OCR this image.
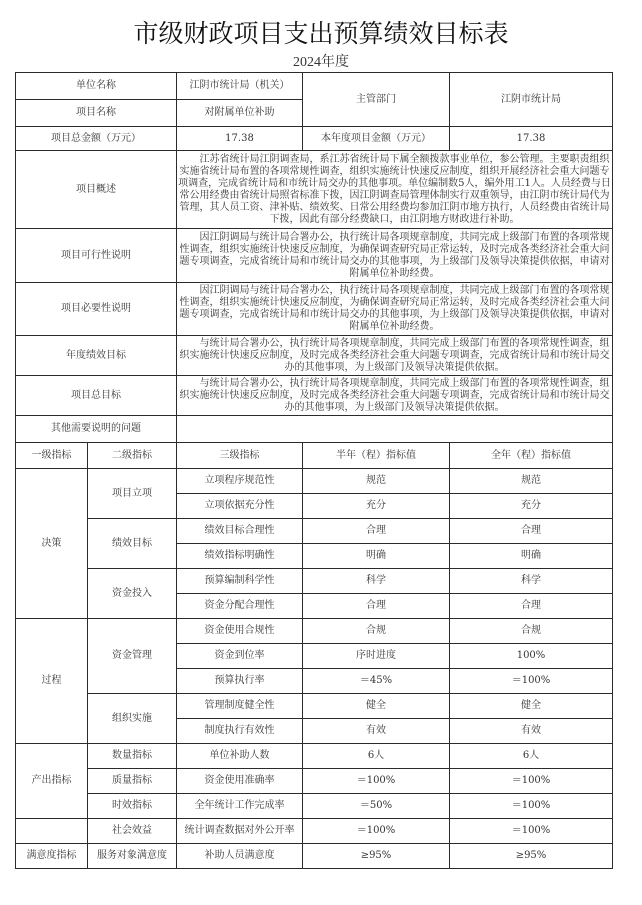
市级财政项目支出预算绩效目标表
2024年度
单位名称		江阴市统计局（机关）	主管部门	江阴市统计局
项目名称		对附属单位补助		
项目总金额（万元）		17.38	本年度项目金额（万元）	17.38
项目概述		江苏省统计局江阴调查局，系江苏省统计局下属全额拨款事业单位，参公管理。主要职责组织实施省统计局布置的各项常规性调查，组织实施统计快速反应制度，组织开展经济社会重大问题专项调查，完成省统计局和市统计局交办的其他事项。单位编制数5人，编外用工1人。人员经费与日常公用经费由省统计局照省标准下拨，因江阴调查局管理体制实行双重领导，由江阴市统计局代为管理，其人员工资、津补贴、绩效奖、日常公用经费均参加江阴市地方执行，人员经费由省统计局下拨，因此有部分经费缺口，由江阴地方财政进行补助。		
项目可行性说明		因江阴调局与统计局合署办公，执行统计局各项规章制度，共同完成上级部门布置的各项常规性调查，组织实施统计快速反应制度，为确保调查研究局正常运转，及时完成各类经济社会重大问题专项调查，完成省统计局和市统计局交办的其他事项，为上级部门及领导决策提供依据，申请对附属单位补助经费。		
项目必要性说明		因江阴调局与统计局合署办公，执行统计局各项规章制度，共同完成上级部门布置的各项常规性调查，组织实施统计快速反应制度，为确保调查研究局正常运转，及时完成各类经济社会重大问题专项调查，完成省统计局和市统计局交办的其他事项，为上级部门及领导决策提供依据，申请对附属单位补助经费。		
年度绩效目标		与统计局合署办公，执行统计局各项规章制度，共同完成上级部门布置的各项常规性调查，组织实施统计快速反应制度，及时完成各类经济社会重大问题专项调查，完成省统计局和市统计局交办的其他事项，为上级部门及领导决策提供依据。		
项目总目标		与统计局合署办公，执行统计局各项规章制度，共同完成上级部门布置的各项常规性调查，组织实施统计快速反应制度，及时完成各类经济社会重大问题专项调查，完成省统计局和市统计局交办的其他事项，为上级部门及领导决策提供依据。		
其他需要说明的问题				
一级指标	二级指标	三级指标	半年（程）指标值	全年（程）指标值
决策	项目立项	立项程序规范性	规范	规范
		立项依据充分性	充分	充分
	绩效目标	绩效目标合理性	合理	合理
		绩效指标明确性	明确	明确
	资金投入	预算编制科学性	科学	科学
		资金分配合理性	合理	合理
过程	资金管理	资金使用合规性	合规	合规
		资金到位率	序时进度	100%
		预算执行率	＝45%	＝100%
	组织实施	管理制度健全性	健全	健全
		制度执行有效性	有效	有效
产出指标	数量指标	单位补助人数	6人	6人
	质量指标	资金使用准确率	＝100%	＝100%
	时效指标	全年统计工作完成率	＝50%	＝100%
	社会效益	统计调查数据对外公开率	＝100%	＝100%
满意度指标	服务对象满意度	补助人员满意度	≥95%	≥95%
